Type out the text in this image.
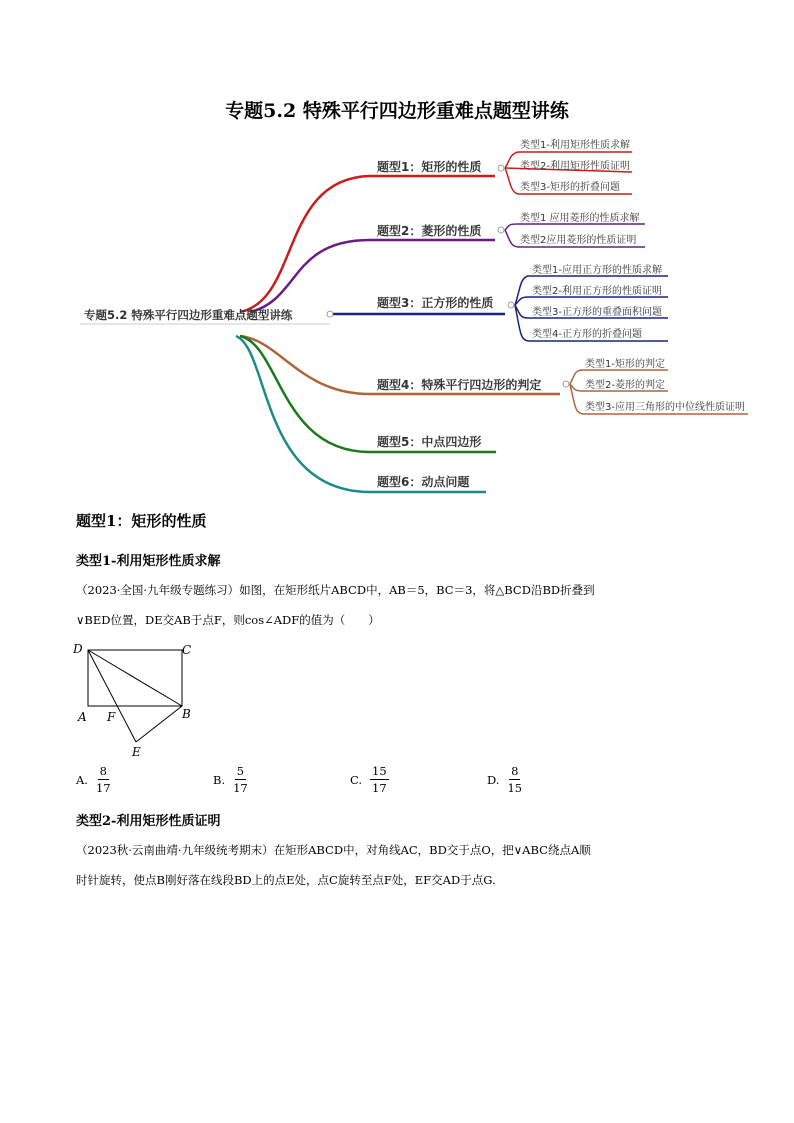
专题5.2 特殊平行四边形重难点题型讲练
专题5.2 特殊平行四边形重难点题型讲练
题型1：矩形的性质
题型2：菱形的性质
题型3：正方形的性质
题型4：特殊平行四边形的判定
题型5：中点四边形
题型6：动点问题
类型1-利用矩形性质求解
类型2-利用矩形性质证明
类型3-矩形的折叠问题
类型1 应用菱形的性质求解
类型2应用菱形的性质证明
类型1-应用正方形的性质求解
类型2-利用正方形的性质证明
类型3-正方形的重叠面积问题
类型4-正方形的折叠问题
类型1-矩形的判定
类型2-菱形的判定
类型3-应用三角形的中位线性质证明
题型1：矩形的性质
类型1-利用矩形性质求解
（2023·全国·九年级专题练习）如图，在矩形纸片ABCD中，AB＝5，BC＝3，将△BCD沿BD折叠到
∨BED位置，DE交AB于点F，则cos∠ADF的值为（　　）
D	C
A F	B
E
A. $\frac{8}{17}$	B. $\frac{5}{17}$	C. $\frac{15}{17}$	D. $\frac{8}{15}$
类型2-利用矩形性质证明
（2023秋·云南曲靖·九年级统考期末）在矩形ABCD中，对角线AC，BD交于点O，把∨ABC绕点A顺
时针旋转，使点B刚好落在线段BD上的点E处，点C旋转至点F处，EF交AD于点G.
